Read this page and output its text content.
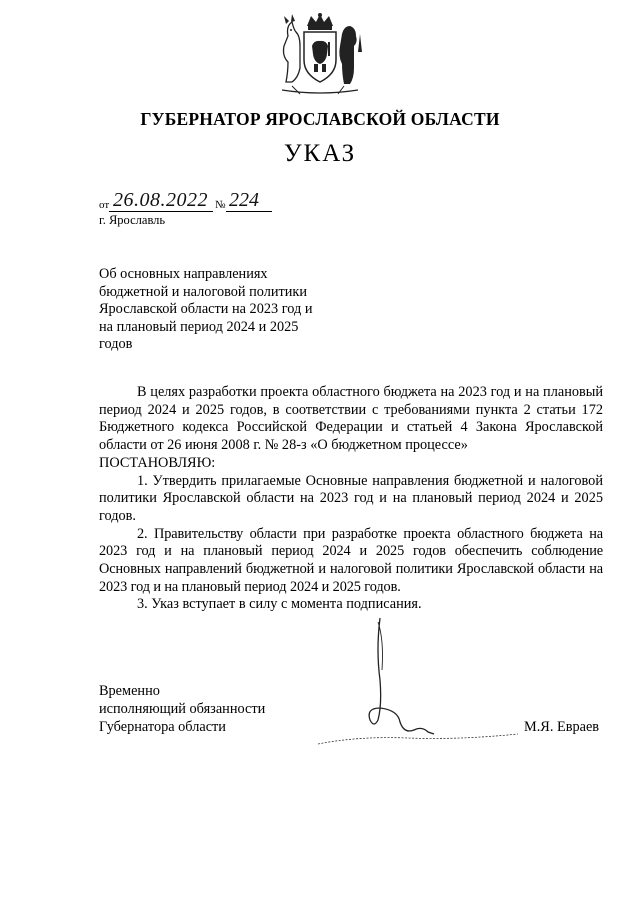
ГУБЕРНАТОР ЯРОСЛАВСКОЙ ОБЛАСТИ
УКАЗ
от 26.08.2022 № 224
г. Ярославль
Об основных направлениях
бюджетной и налоговой политики
Ярославской области на 2023 год и
на плановый период 2024 и 2025
годов

В целях разработки проекта областного бюджета на 2023 год и на плановый период 2024 и 2025 годов, в соответствии с требованиями пункта 2 статьи 172 Бюджетного кодекса Российской Федерации и статьей 4 Закона Ярославской области от 26 июня 2008 г. № 28-з «О бюджетном процессе»

ПОСТАНОВЛЯЮ:

1. Утвердить прилагаемые Основные направления бюджетной и налоговой политики Ярославской области на 2023 год и на плановый период 2024 и 2025 годов.

2. Правительству области при разработке проекта областного бюджета на 2023 год и на плановый период 2024 и 2025 годов обеспечить соблюдение Основных направлений бюджетной и налоговой политики Ярославской области на 2023 год и на плановый период 2024 и 2025 годов.

3. Указ вступает в силу с момента подписания.

Временно
исполняющий обязанности
Губернатора области	М.Я. Евраев
